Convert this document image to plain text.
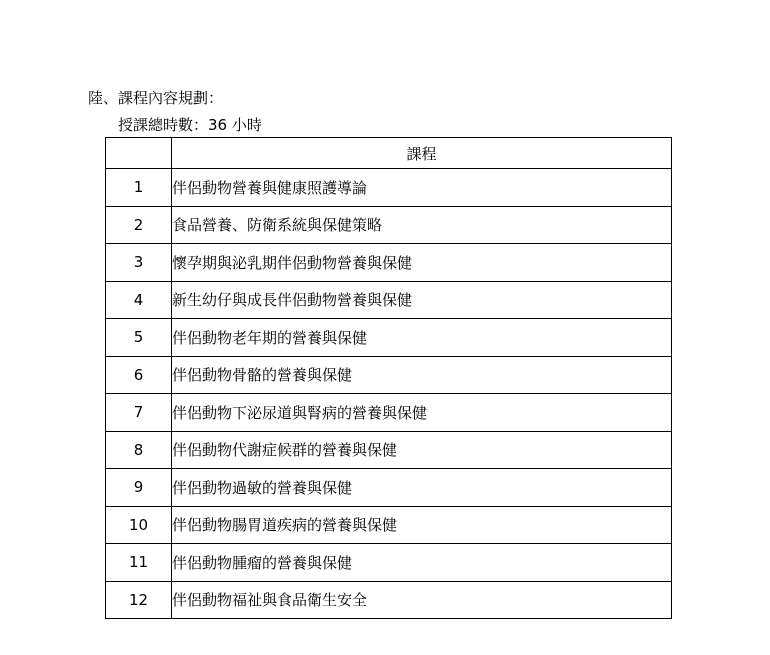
陸、課程內容規劃：
授課總時數：36 小時
	課程
1	伴侶動物營養與健康照護導論
2	食品營養、防衛系統與保健策略
3	懷孕期與泌乳期伴侶動物營養與保健
4	新生幼仔與成長伴侶動物營養與保健
5	伴侶動物老年期的營養與保健
6	伴侶動物骨骼的營養與保健
7	伴侶動物下泌尿道與腎病的營養與保健
8	伴侶動物代謝症候群的營養與保健
9	伴侶動物過敏的營養與保健
10	伴侶動物腸胃道疾病的營養與保健
11	伴侶動物腫瘤的營養與保健
12	伴侶動物福祉與食品衛生安全
